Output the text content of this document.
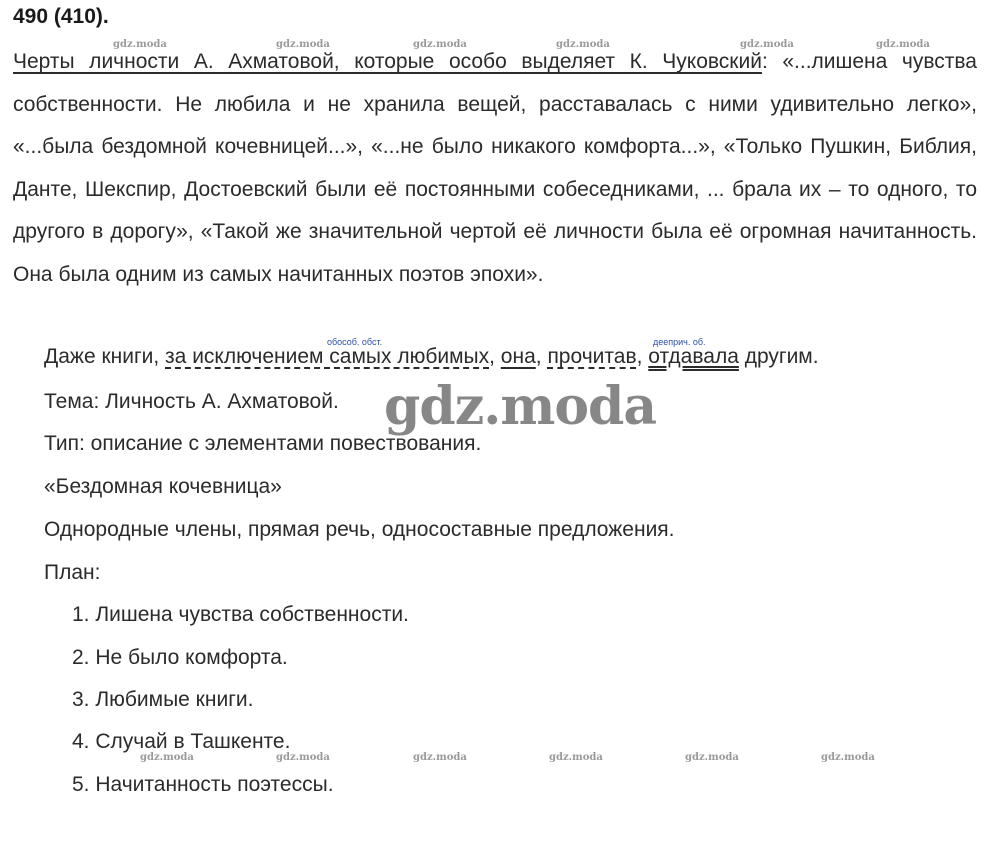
490 (410).

Черты личности А. Ахматовой, которые особо выделяет К. Чуковский: «...лишена чувства собственности. Не любила и не хранила вещей, расставалась с ними удивительно легко», «...была бездомной кочевницей...», «...не было никакого комфорта...», «Только Пушкин, Библия, Данте, Шекспир, Достоевский были её постоянными собеседниками, ... брала их – то одного, то другого в дорогу», «Такой же значительной чертой её личности была её огромная начитанность. Она была одним из самых начитанных поэтов эпохи».

Даже книги, за исключением самых любимых, она, прочитав, отдавала другим.
обособ. обст.	дееприч. об.
Тема: Личность А. Ахматовой.
Тип: описание с элементами повествования.
«Бездомная кочевница»
Однородные члены, прямая речь, односоставные предложения.
План:
1. Лишена чувства собственности.
2. Не было комфорта.
3. Любимые книги.
4. Случай в Ташкенте.
5. Начитанность поэтессы.
gdz.moda	gdz.moda	gdz.moda	gdz.moda	gdz.moda	gdz.moda
gdz.moda	gdz.moda	gdz.moda	gdz.moda	gdz.moda	gdz.moda
gdz.moda
